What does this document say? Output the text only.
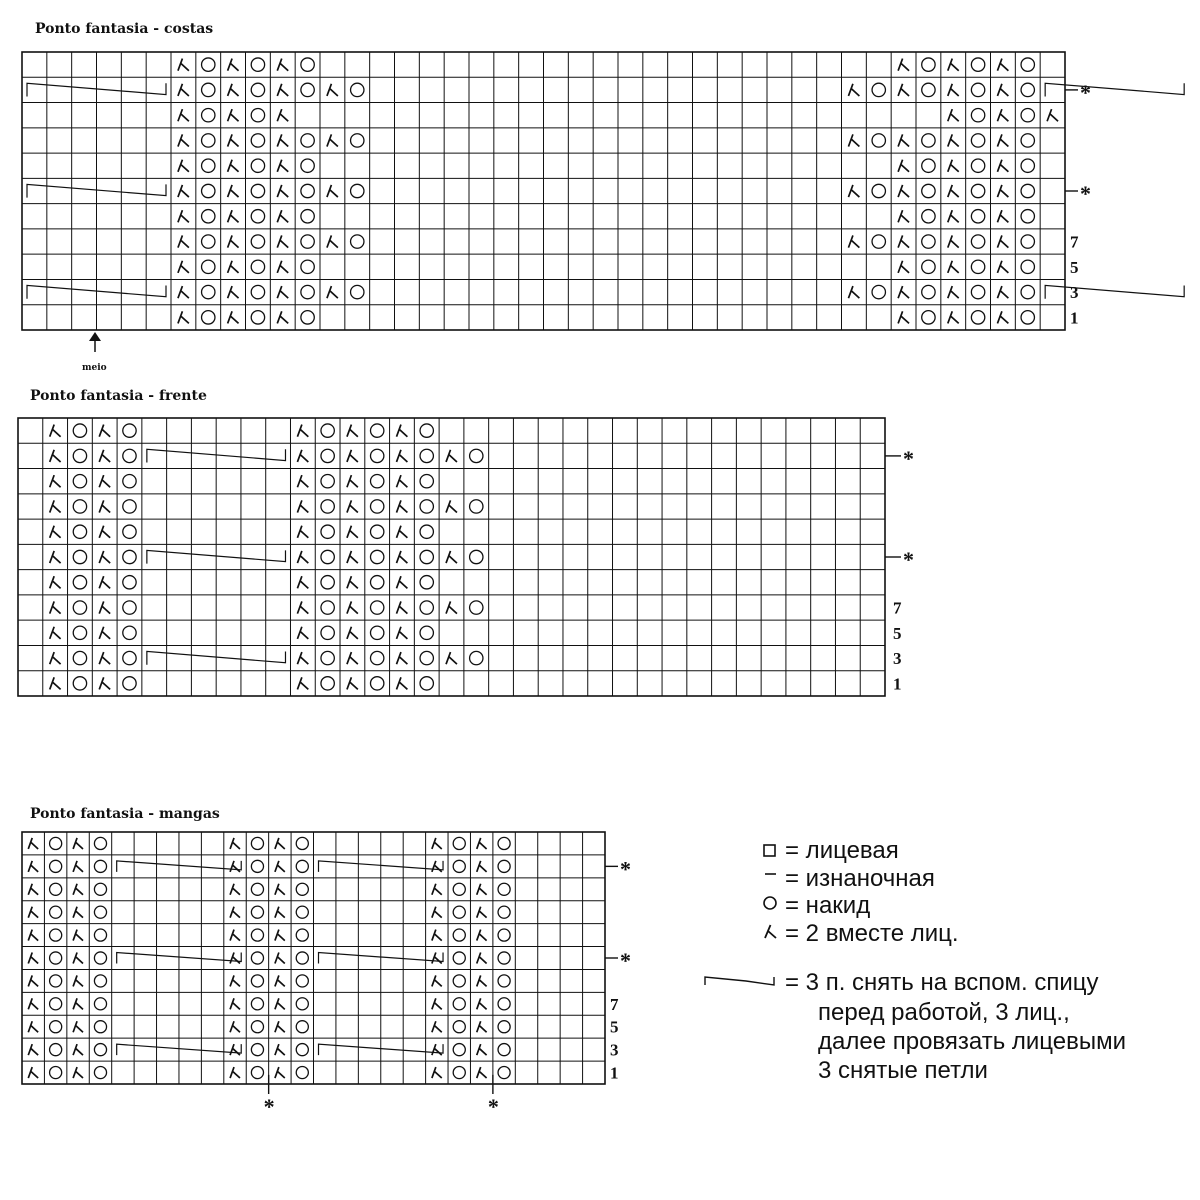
Ponto fantasia - costas
Ponto fantasia - frente
Ponto fantasia - mangas
*
*
7
5
3
1
*
*
7
5
3
1
*
*
7
5
3
1
*	*
meio
= лицевая
= изнаночная
= накид
= 2 вместе лиц.
= 3 п. снять на вспом. спицу
перед работой, 3 лиц.,
далее провязать лицевыми
3 снятые петли
